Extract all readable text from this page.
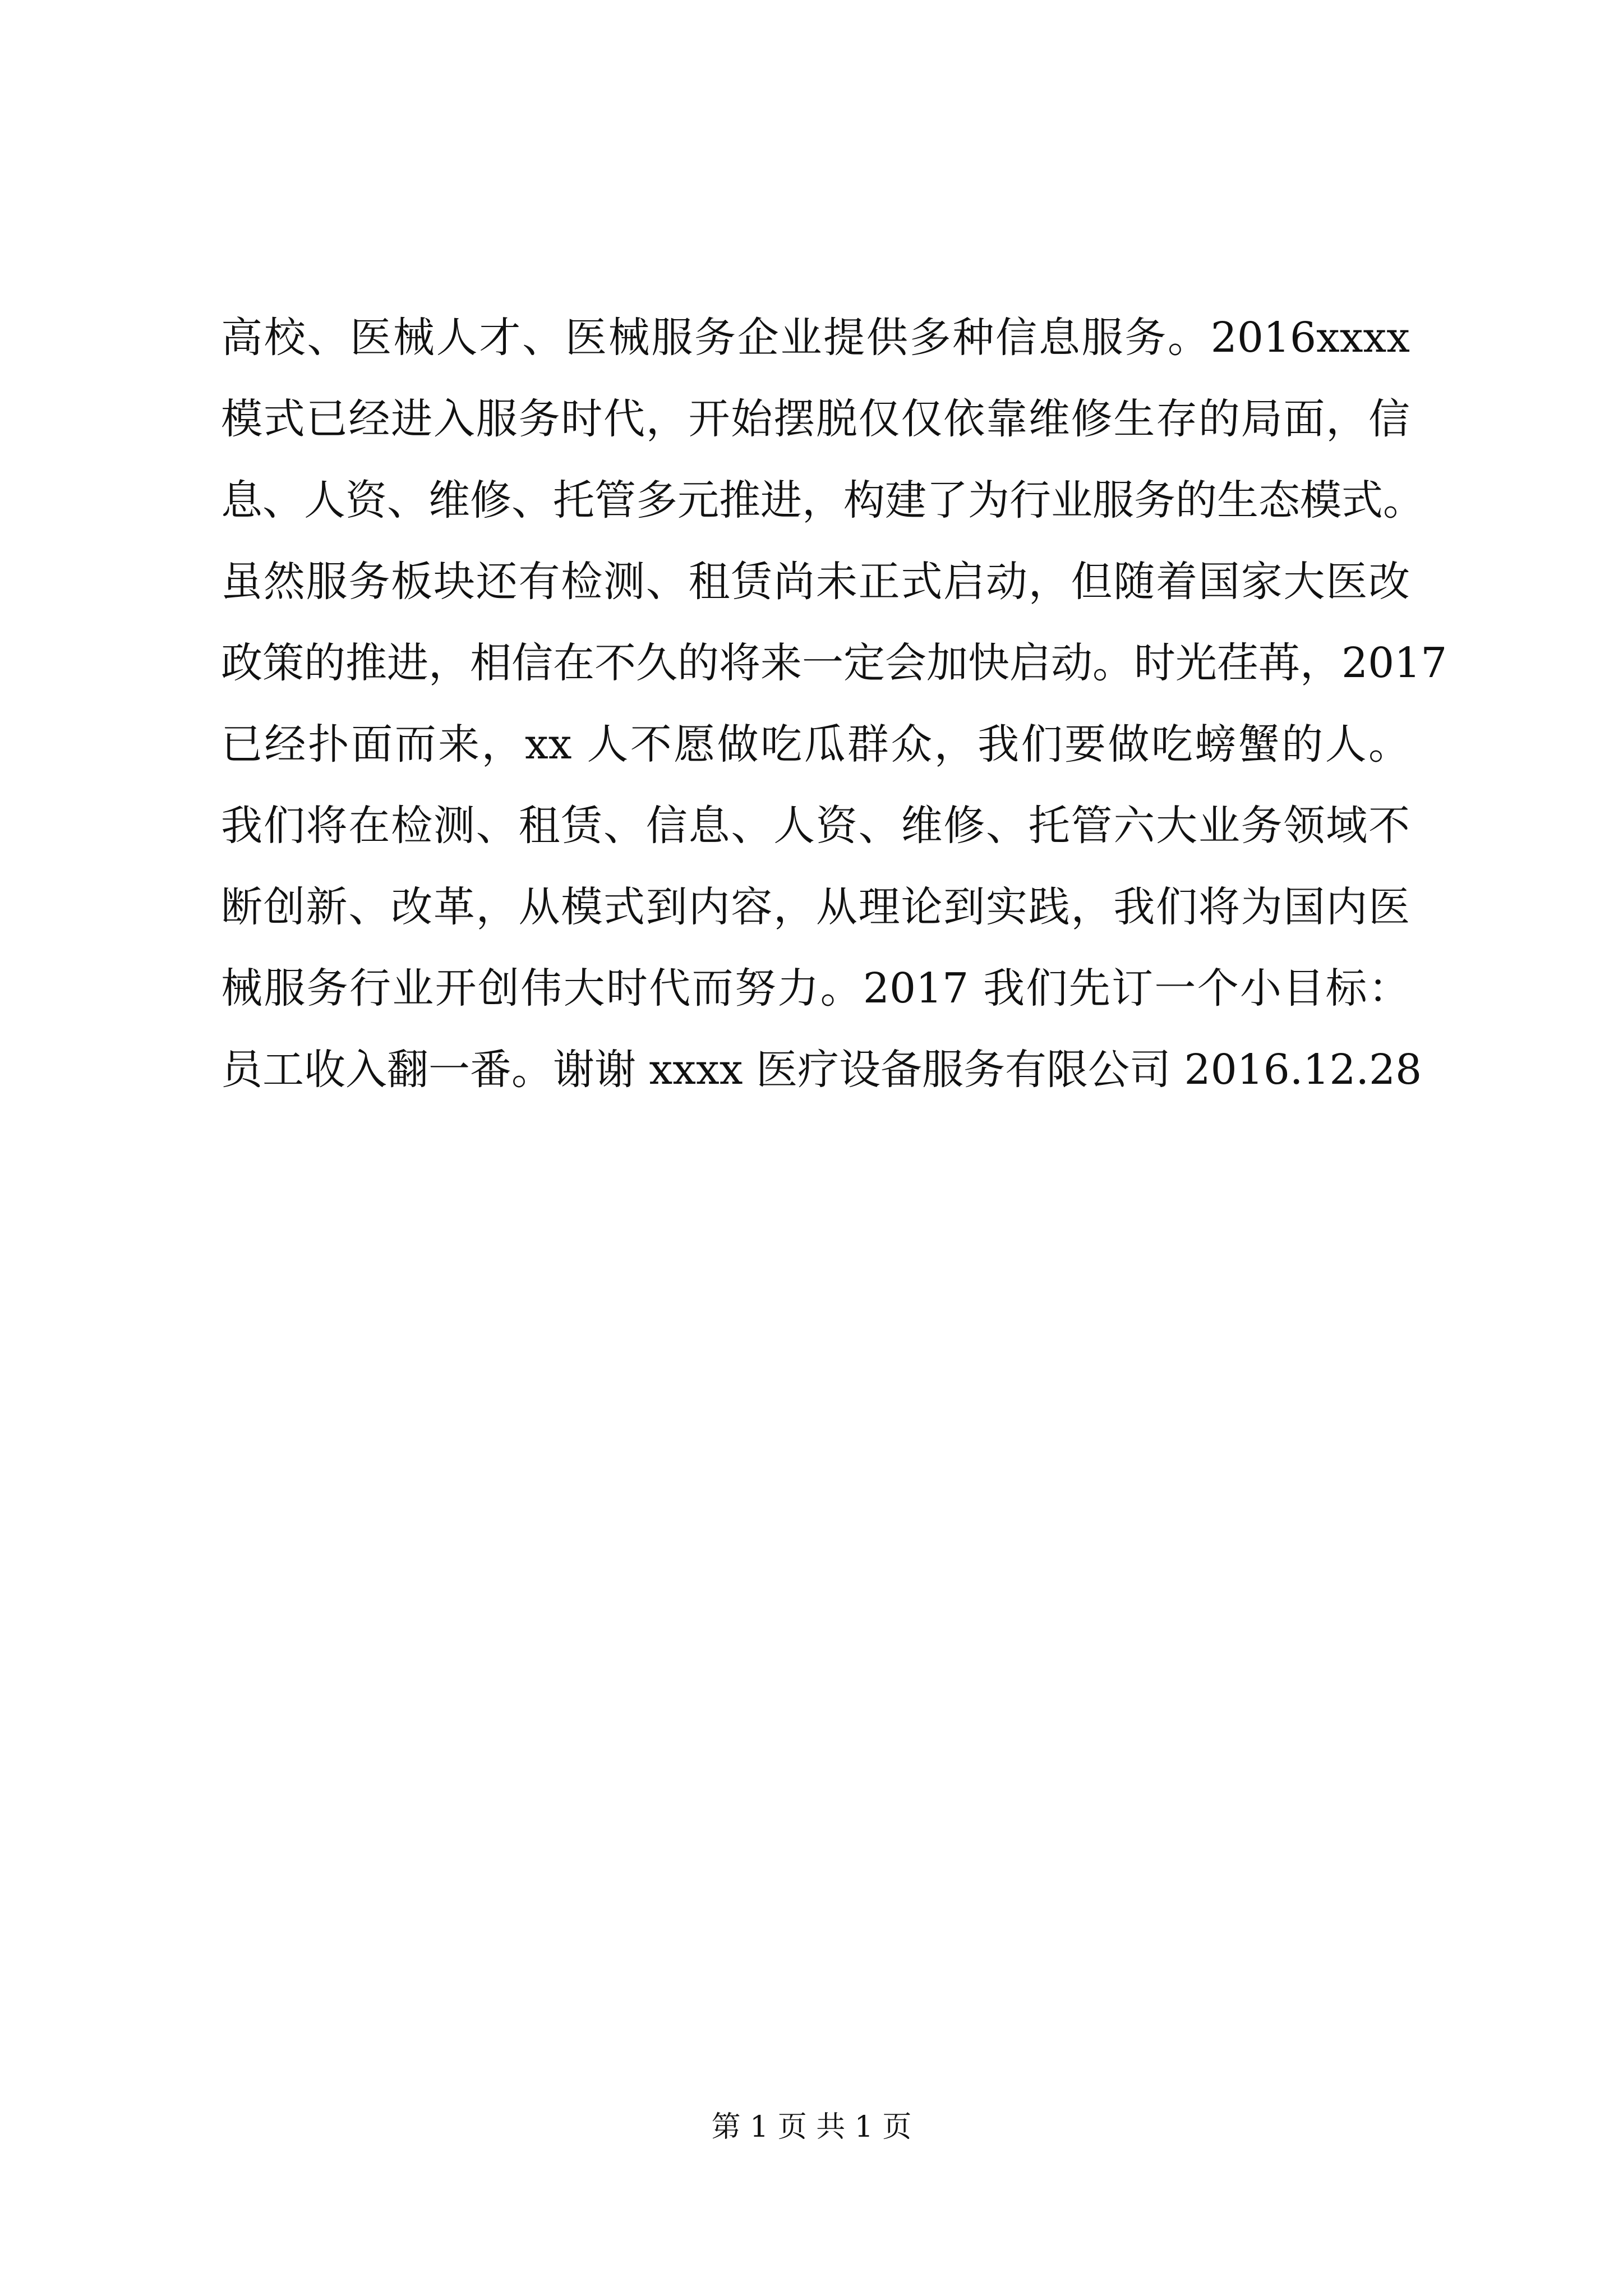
高校、医械人才、医械服务企业提供多种信息服务。2016xxxx
模式已经进入服务时代，开始摆脱仅仅依靠维修生存的局面，信
息、人资、维修、托管多元推进，构建了为行业服务的生态模式。
虽然服务板块还有检测、租赁尚未正式启动，但随着国家大医改
政策的推进，相信在不久的将来一定会加快启动。时光荏苒，2017
已经扑面而来，xx 人不愿做吃瓜群众，我们要做吃螃蟹的人。
我们将在检测、租赁、信息、人资、维修、托管六大业务领域不
断创新、改革，从模式到内容，从理论到实践，我们将为国内医
械服务行业开创伟大时代而努力。2017 我们先订一个小目标：
员工收入翻一番。谢谢 xxxx 医疗设备服务有限公司 2016.12.28
第 1 页 共 1 页
